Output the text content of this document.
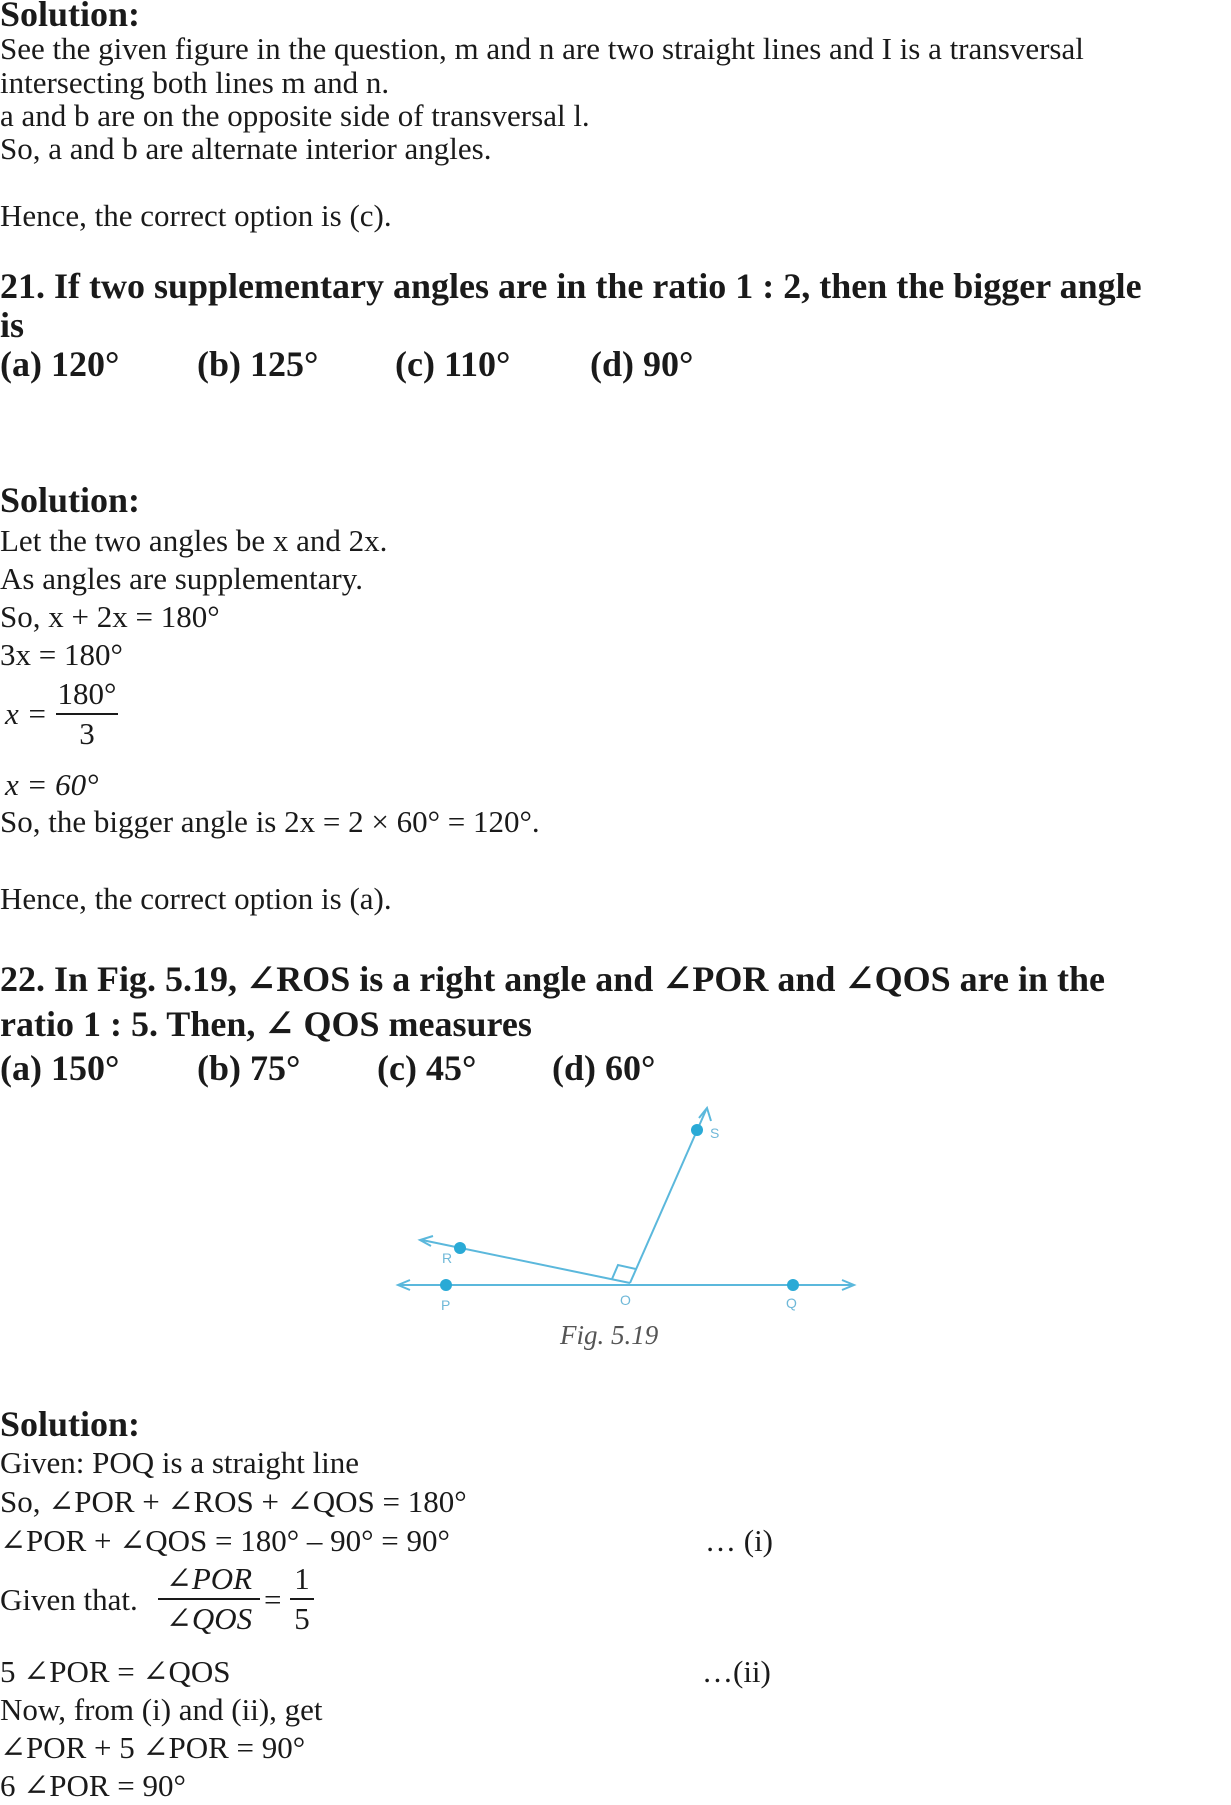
Solution:
See the given figure in the question, m and n are two straight lines and I is a transversal
intersecting both lines m and n.
a and b are on the opposite side of transversal l.
So, a and b are alternate interior angles.
Hence, the correct option is (c).
21. If two supplementary angles are in the ratio 1 : 2, then the bigger angle
is
(a) 120° (b) 125° (c) 110° (d) 90°
Solution:
Let the two angles be x and 2x.
As angles are supplementary.
So, x + 2x = 180°
3x = 180°
x =
180°
3
x = 60°
So, the bigger angle is 2x = 2 × 60° = 120°.
Hence, the correct option is (a).
22. In Fig. 5.19, ∠ROS is a right angle and ∠POR and ∠QOS are in the
ratio 1 : 5. Then, ∠ QOS measures
(a) 150° (b) 75° (c) 45° (d) 60°
S
R
P	O	Q
Fig. 5.19
Solution:
Given: POQ is a straight line
So, ∠POR + ∠ROS + ∠QOS = 180°
∠POR + ∠QOS = 180° – 90° = 90°	… (i)
Given that.
∠POR
∠QOS
=
1
5
5 ∠POR = ∠QOS	…(ii)
Now, from (i) and (ii), get
∠POR + 5 ∠POR = 90°
6 ∠POR = 90°
